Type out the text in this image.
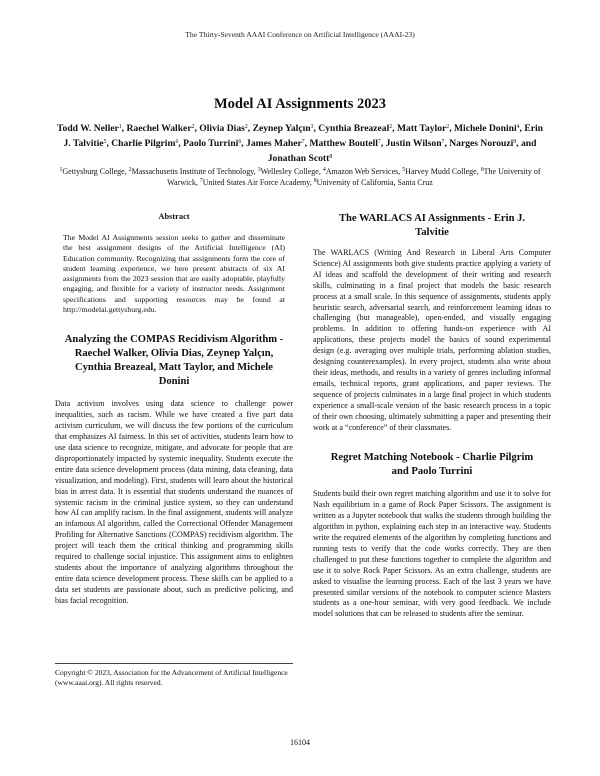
The Thirty-Seventh AAAI Conference on Artificial Intelligence (AAAI-23)
Model AI Assignments 2023
Todd W. Neller$^1$, Raechel Walker$^2$, Olivia Dias$^2$, Zeynep Yalçın$^3$, Cynthia Breazeal$^2$, Matt Taylor$^2$, Michele Donini$^4$, Erin J. Talvitie$^5$, Charlie Pilgrim$^6$, Paolo Turrini$^6$, James Maher$^7$, Matthew Boutell$^7$, Justin Wilson$^7$, Narges Norouzi$^8$, and Jonathan Scott$^8$
$^1$Gettysburg College, $^2$Massachusetts Institute of Technology, $^3$Wellesley College, $^4$Amazon Web Services, $^5$Harvey Mudd College, $^6$The University of Warwick, $^7$United States Air Force Academy, $^8$University of California, Santa Cruz
Abstract
The Model AI Assignments session seeks to gather and disseminate the best assignment designs of the Artificial Intelligence (AI) Education community. Recognizing that assignments form the core of student learning experience, we here present abstracts of six AI assignments from the 2023 session that are easily adoptable, playfully engaging, and flexible for a variety of instructor needs. Assignment specifications and supporting resources may be found at http://modelai.gettysburg.edu.
Analyzing the COMPAS Recidivism Algorithm - Raechel Walker, Olivia Dias, Zeynep Yalçın, Cynthia Breazeal, Matt Taylor, and Michele Donini

Data activism involves using data science to challenge power inequalities, such as racism. While we have created a five part data activism curriculum, we will discuss the few portions of the curriculum that emphasizes AI fairness. In this set of activities, students learn how to use data science to recognize, mitigate, and advocate for people that are disproportionately impacted by systemic inequality. Students execute the entire data science development process (data mining, data cleaning, data visualization, and modeling). First, students will learn about the historical bias in arrest data. It is essential that students understand the nuances of systemic racism in the criminal justice system, so they can understand how AI can amplify racism. In the final assignment, students will analyze an infamous AI algorithm, called the Correctional Offender Management Profiling for Alternative Sanctions (COMPAS) recidivism algorithm. The project will teach them the critical thinking and programming skills required to challenge social injustice. This assignment aims to enlighten students about the importance of analyzing algorithms throughout the entire data science development process. These skills can be applied to a data set students are passionate about, such as predictive policing, and bias facial recognition.

The WARLACS AI Assignments - Erin J. Talvitie

The WARLACS (Writing And Research in Liberal Arts Computer Science) AI assignments both give students practice applying a variety of AI ideas and scaffold the development of their writing and research skills, culminating in a final project that models the basic research process at a small scale. In this sequence of assignments, students apply heuristic search, adversarial search, and reinforcement learning ideas to challenging (but manageable), open-ended, and visually engaging problems. In addition to offering hands-on experience with AI applications, these projects model the basics of sound experimental design (e.g. averaging over multiple trials, performing ablation studies, designing counterexamples). In every project, students also write about their ideas, methods, and results in a variety of genres including informal emails, technical reports, grant applications, and paper reviews. The sequence of projects culminates in a large final project in which students experience a small-scale version of the basic research process in a topic of their own choosing, ultimately submitting a paper and presenting their work at a “conference” of their classmates.

Regret Matching Notebook - Charlie Pilgrim and Paolo Turrini

Students build their own regret matching algorithm and use it to solve for Nash equilibrium in a game of Rock Paper Scissors. The assignment is written as a Jupyter notebook that walks the students through building the algorithm in python, explaining each step in an interactive way. Students write the required elements of the algorithm by completing functions and running tests to verify that the code works correctly. They are then challenged to put these functions together to complete the algorithm and use it to solve Rock Paper Scissors. As an extra challenge, students are asked to visualise the learning process. Each of the last 3 years we have presented similar versions of the notebook to computer science Masters students as a one-hour seminar, with very good feedback. We include model solutions that can be released to students after the seminar.

Copyright © 2023, Association for the Advancement of Artificial Intelligence (www.aaai.org). All rights reserved.
16104
